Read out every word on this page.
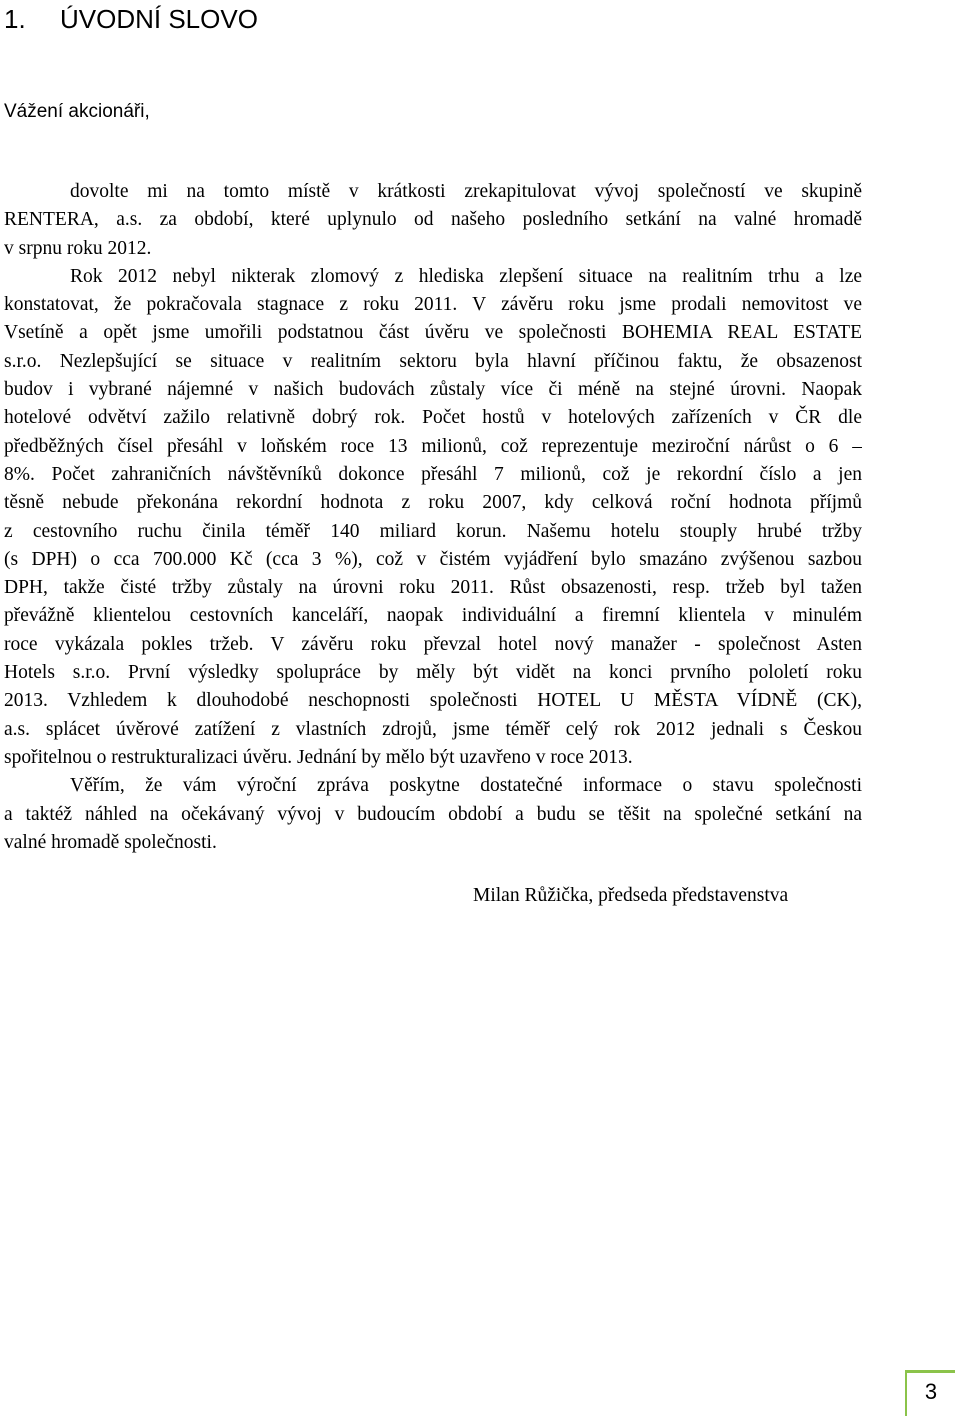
1. ÚVODNÍ SLOVO
Vážení akcionáři,
dovolte mi na tomto místě v krátkosti zrekapitulovat vývoj společností ve skupině
RENTERA, a.s. za období, které uplynulo od našeho posledního setkání na valné hromadě
v srpnu roku 2012.
Rok 2012 nebyl nikterak zlomový z hlediska zlepšení situace na realitním trhu a lze
konstatovat, že pokračovala stagnace z roku 2011. V závěru roku jsme prodali nemovitost ve
Vsetíně a opět jsme umořili podstatnou část úvěru ve společnosti BOHEMIA REAL ESTATE
s.r.o. Nezlepšující se situace v realitním sektoru byla hlavní příčinou faktu, že obsazenost
budov i vybrané nájemné v našich budovách zůstaly více či méně na stejné úrovni. Naopak
hotelové odvětví zažilo relativně dobrý rok. Počet hostů v hotelových zařízeních v ČR dle
předběžných čísel přesáhl v loňském roce 13 milionů, což reprezentuje meziroční nárůst o 6 –
8%. Počet zahraničních návštěvníků dokonce přesáhl 7 milionů, což je rekordní číslo a jen
těsně nebude překonána rekordní hodnota z roku 2007, kdy celková roční hodnota příjmů
z cestovního ruchu činila téměř 140 miliard korun. Našemu hotelu stouply hrubé tržby
(s DPH) o cca 700.000 Kč (cca 3 %), což v čistém vyjádření bylo smazáno zvýšenou sazbou
DPH, takže čisté tržby zůstaly na úrovni roku 2011. Růst obsazenosti, resp. tržeb byl tažen
převážně klientelou cestovních kanceláří, naopak individuální a firemní klientela v minulém
roce vykázala pokles tržeb. V závěru roku převzal hotel nový manažer - společnost Asten
Hotels s.r.o. První výsledky spolupráce by měly být vidět na konci prvního pololetí roku
2013. Vzhledem k dlouhodobé neschopnosti společnosti HOTEL U MĚSTA VÍDNĚ (CK),
a.s. splácet úvěrové zatížení z vlastních zdrojů, jsme téměř celý rok 2012 jednali s Českou
spořitelnou o restrukturalizaci úvěru. Jednání by mělo být uzavřeno v roce 2013.
Věřím, že vám výroční zpráva poskytne dostatečné informace o stavu společnosti
a taktéž náhled na očekávaný vývoj v budoucím období a budu se těšit na společné setkání na
valné hromadě společnosti.
Milan Růžička, předseda představenstva
3
